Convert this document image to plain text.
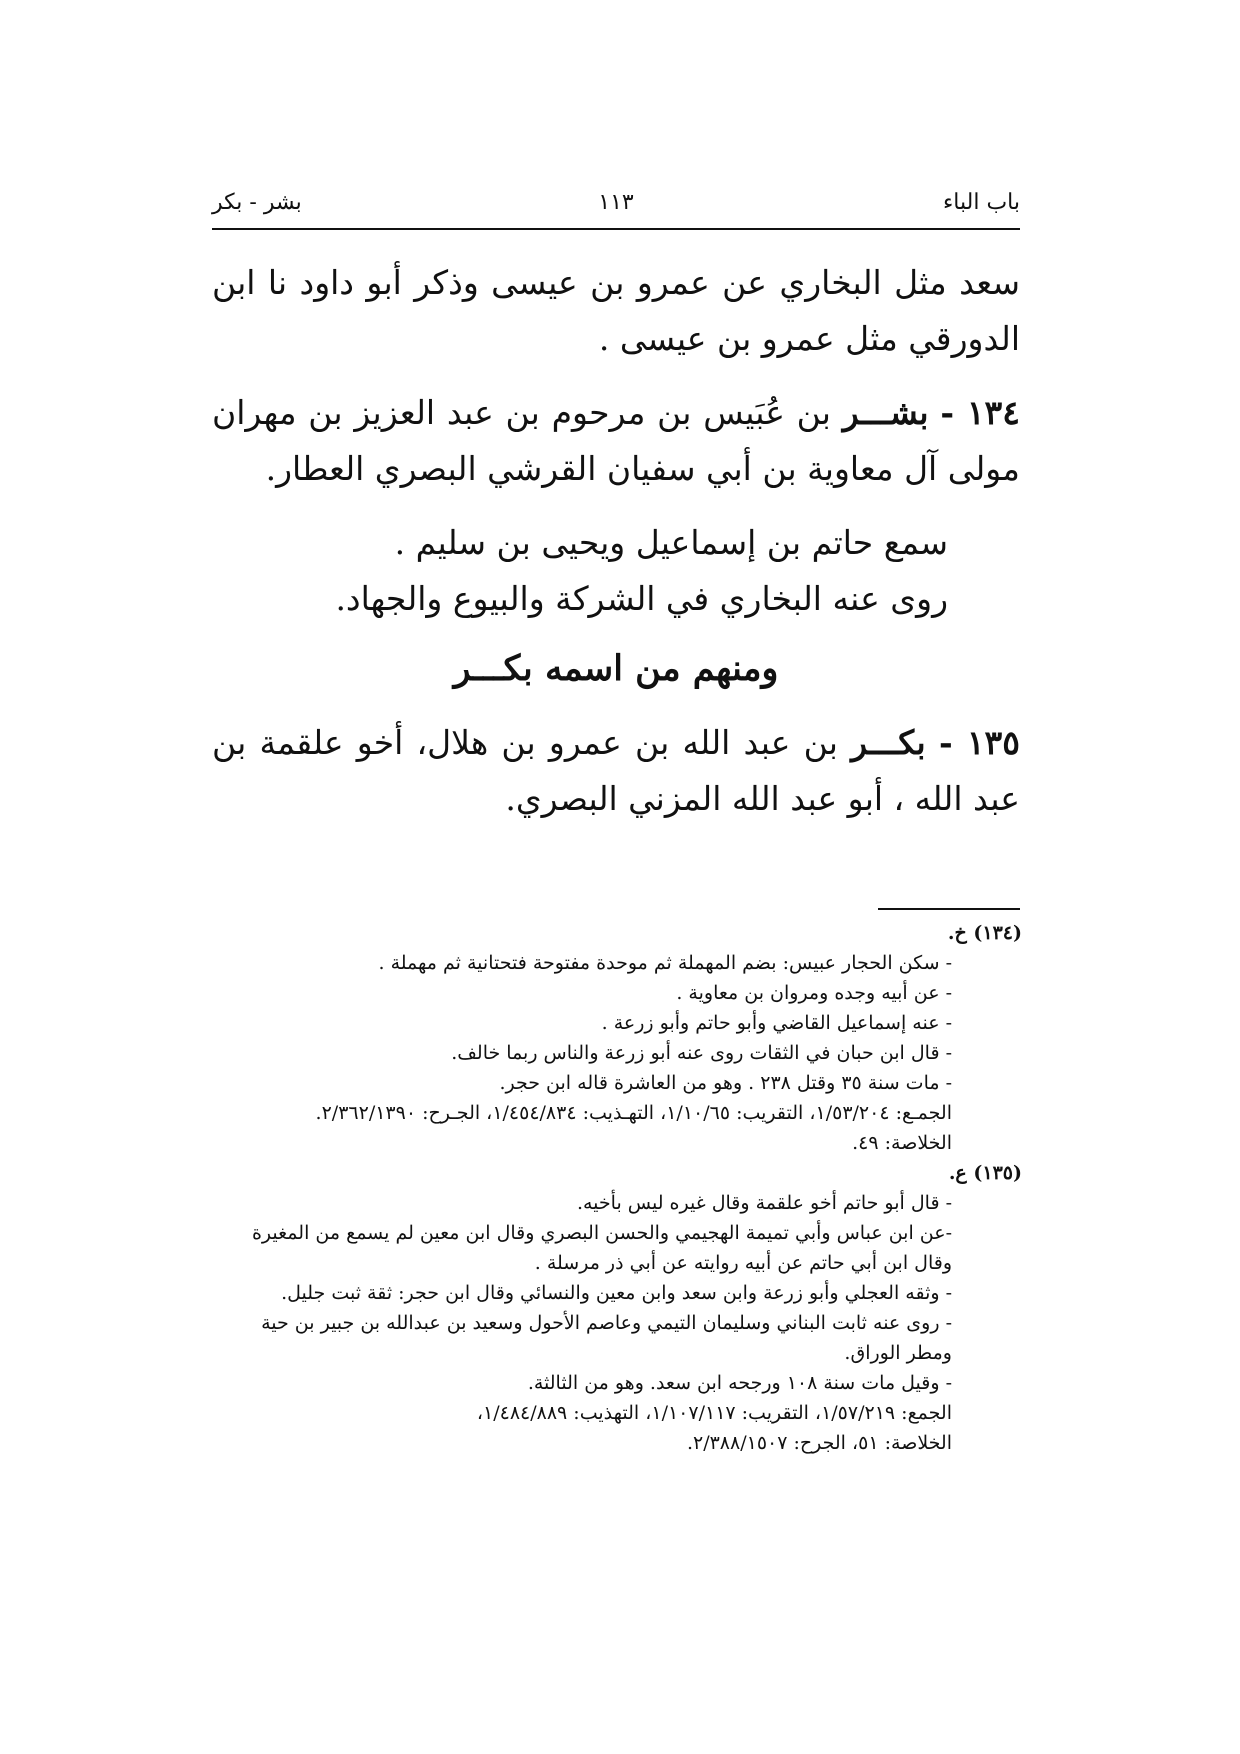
باب الباء
١١٣
بشر - بكر

سعد مثل البخاري عن عمرو بن عيسى وذكر أبو داود نا ابن الدورقي مثل عمرو بن عيسى .

١٣٤ - بشـــر بن عُبَيس بن مرحوم بن عبد العزيز بن مهران مولى آل معاوية بن أبي سفيان القرشي البصري العطار.

سمع حاتم بن إسماعيل ويحيى بن سليم .

روى عنه البخاري في الشركة والبيوع والجهاد.

ومنهم من اسمه بكـــر

١٣٥ - بكـــر بن عبد الله بن عمرو بن هلال، أخو علقمة بن عبد الله ، أبو عبد الله المزني البصري.

(١٣٤) خ.

- سكن الحجار عبيس: بضم المهملة ثم موحدة مفتوحة فتحتانية ثم مهملة .

- عن أبيه وجده ومروان بن معاوية .

- عنه إسماعيل القاضي وأبو حاتم وأبو زرعة .

- قال ابن حبان في الثقات روى عنه أبو زرعة والناس ربما خالف.

- مات سنة ٣٥ وقتل ٢٣٨ . وهو من العاشرة قاله ابن حجر.

الجمـع: ١/٥٣/٢٠٤، التقريب: ١/١٠/٦٥، التهـذيب: ١/٤٥٤/٨٣٤، الجـرح: ٢/٣٦٢/١٣٩٠.

الخلاصة: ٤٩.

(١٣٥) ع.

- قال أبو حاتم أخو علقمة وقال غيره ليس بأخيه.

-عن ابن عباس وأبي تميمة الهجيمي والحسن البصري وقال ابن معين لم يسمع من المغيرة وقال ابن أبي حاتم عن أبيه روايته عن أبي ذر مرسلة .

- وثقه العجلي وأبو زرعة وابن سعد وابن معين والنسائي وقال ابن حجر: ثقة ثبت جليل.

- روى عنه ثابت البناني وسليمان التيمي وعاصم الأحول وسعيد بن عبدالله بن جبير بن حية ومطر الوراق.

- وقيل مات سنة ١٠٨ ورجحه ابن سعد. وهو من الثالثة.

الجمع: ١/٥٧/٢١٩، التقريب: ١/١٠٧/١١٧، التهذيب: ١/٤٨٤/٨٨٩،

الخلاصة: ٥١، الجرح: ٢/٣٨٨/١٥٠٧.
